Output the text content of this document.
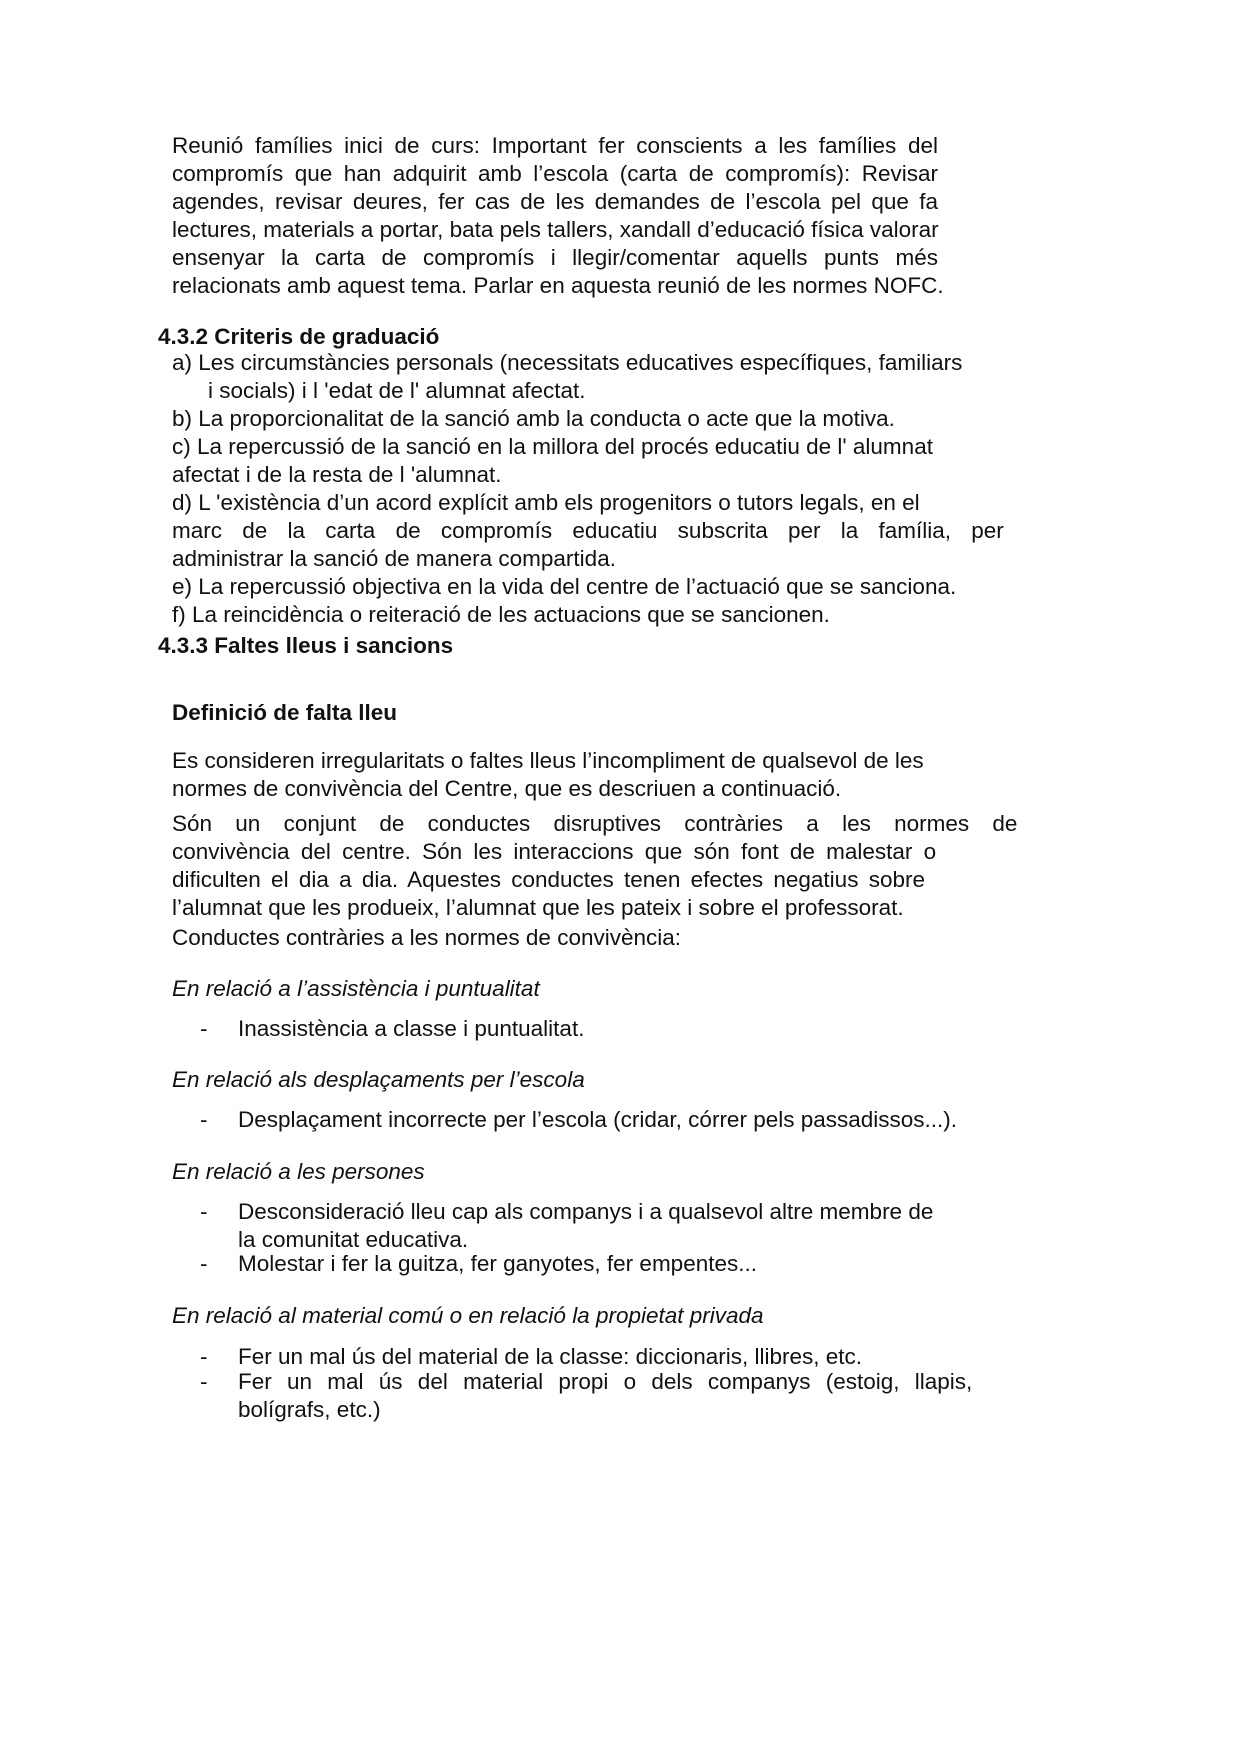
Reunió famílies inici de curs: Important fer conscients a les famílies del
compromís que han adquirit amb l’escola (carta de compromís): Revisar
agendes, revisar deures, fer cas de les demandes de l’escola pel que fa
lectures, materials a portar, bata pels tallers, xandall d’educació física valorar
ensenyar la carta de compromís i llegir/comentar aquells punts més
relacionats amb aquest tema. Parlar en aquesta reunió de les normes NOFC.
4.3.2 Criteris de graduació
a) Les circumstàncies personals (necessitats educatives específiques, familiars
i socials) i l 'edat de l' alumnat afectat.
b) La proporcionalitat de la sanció amb la conducta o acte que la motiva.
c) La repercussió de la sanció en la millora del procés educatiu de l' alumnat
afectat i de la resta de l 'alumnat.
d) L 'existència d’un acord explícit amb els progenitors o tutors legals, en el
marc de la carta de compromís educatiu subscrita per la família, per
administrar la sanció de manera compartida.
e) La repercussió objectiva en la vida del centre de l’actuació que se sanciona.
f) La reincidència o reiteració de les actuacions que se sancionen.
4.3.3 Faltes lleus i sancions
Definició de falta lleu
Es consideren irregularitats o faltes lleus l’incompliment de qualsevol de les
normes de convivència del Centre, que es descriuen a continuació.
Són un conjunt de conductes disruptives contràries a les normes de
convivència del centre. Són les interaccions que són font de malestar o
dificulten el dia a dia. Aquestes conductes tenen efectes negatius sobre
l’alumnat que les produeix, l’alumnat que les pateix i sobre el professorat.
Conductes contràries a les normes de convivència:
En relació a l’assistència i puntualitat
-	Inassistència a classe i puntualitat.
En relació als desplaçaments per l’escola
-	Desplaçament incorrecte per l’escola (cridar, córrer pels passadissos...).
En relació a les persones
-	Desconsideració lleu cap als companys i a qualsevol altre membre de
la comunitat educativa.
-	Molestar i fer la guitza, fer ganyotes, fer empentes...
En relació al material comú o en relació la propietat privada
-	Fer un mal ús del material de la classe: diccionaris, llibres, etc.
-	Fer un mal ús del material propi o dels companys (estoig, llapis,
bolígrafs, etc.)
